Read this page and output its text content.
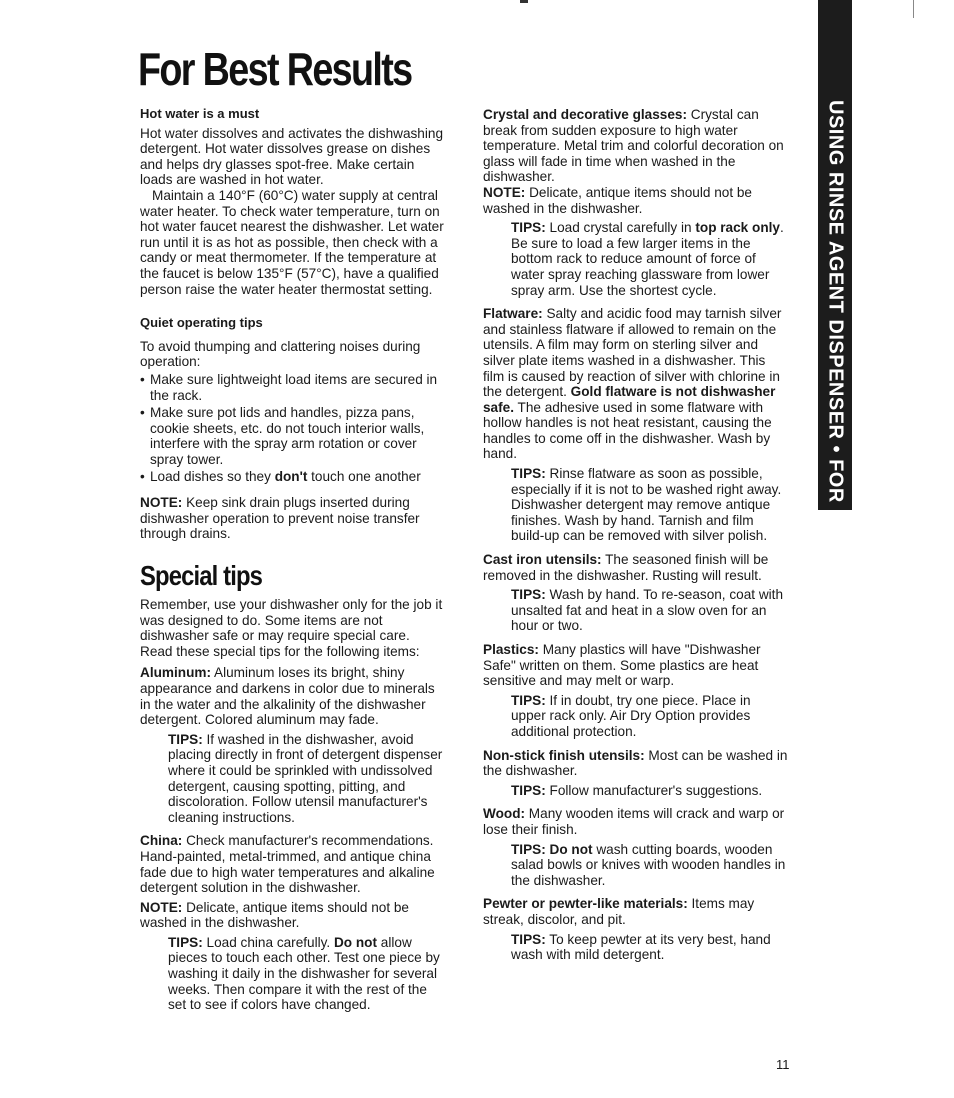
For Best Results

Hot water is a must

Hot water dissolves and activates the dishwashing detergent. Hot water dissolves grease on dishes and helps dry glasses spot-free. Make certain loads are washed in hot water.

Maintain a 140°F (60°C) water supply at central water heater. To check water temperature, turn on hot water faucet nearest the dishwasher. Let water run until it is as hot as possible, then check with a candy or meat thermometer. If the temperature at the faucet is below 135°F (57°C), have a qualified person raise the water heater thermostat setting.

Quiet operating tips

To avoid thumping and clattering noises during operation:

• Make sure lightweight load items are secured in the rack.

• Make sure pot lids and handles, pizza pans, cookie sheets, etc. do not touch interior walls, interfere with the spray arm rotation or cover spray tower.

• Load dishes so they don't touch one another

NOTE: Keep sink drain plugs inserted during dishwasher operation to prevent noise transfer through drains.

Special tips

Remember, use your dishwasher only for the job it was designed to do. Some items are not dishwasher safe or may require special care. Read these special tips for the following items:

Aluminum: Aluminum loses its bright, shiny appearance and darkens in color due to minerals in the water and the alkalinity of the dishwasher detergent. Colored aluminum may fade.

TIPS: If washed in the dishwasher, avoid placing directly in front of detergent dispenser where it could be sprinkled with undissolved detergent, causing spotting, pitting, and discoloration. Follow utensil manufacturer's cleaning instructions.

China: Check manufacturer's recommendations. Hand-painted, metal-trimmed, and antique china fade due to high water temperatures and alkaline detergent solution in the dishwasher.

NOTE: Delicate, antique items should not be washed in the dishwasher.

TIPS: Load china carefully. Do not allow pieces to touch each other. Test one piece by washing it daily in the dishwasher for several weeks. Then compare it with the rest of the set to see if colors have changed.

Crystal and decorative glasses: Crystal can break from sudden exposure to high water temperature. Metal trim and colorful decoration on glass will fade in time when washed in the dishwasher.

NOTE: Delicate, antique items should not be washed in the dishwasher.

TIPS: Load crystal carefully in top rack only. Be sure to load a few larger items in the bottom rack to reduce amount of force of water spray reaching glassware from lower spray arm. Use the shortest cycle.

Flatware: Salty and acidic food may tarnish silver and stainless flatware if allowed to remain on the utensils. A film may form on sterling silver and silver plate items washed in a dishwasher. This film is caused by reaction of silver with chlorine in the detergent. Gold flatware is not dishwasher safe. The adhesive used in some flatware with hollow handles is not heat resistant, causing the handles to come off in the dishwasher. Wash by hand.

TIPS: Rinse flatware as soon as possible, especially if it is not to be washed right away. Dishwasher detergent may remove antique finishes. Wash by hand. Tarnish and film build-up can be removed with silver polish.

Cast iron utensils: The seasoned finish will be removed in the dishwasher. Rusting will result.

TIPS: Wash by hand. To re-season, coat with unsalted fat and heat in a slow oven for an hour or two.

Plastics: Many plastics will have "Dishwasher Safe" written on them. Some plastics are heat sensitive and may melt or warp.

TIPS: If in doubt, try one piece. Place in upper rack only. Air Dry Option provides additional protection.

Non-stick finish utensils: Most can be washed in the dishwasher.

TIPS: Follow manufacturer's suggestions.

Wood: Many wooden items will crack and warp or lose their finish.

TIPS: Do not wash cutting boards, wooden salad bowls or knives with wooden handles in the dishwasher.

Pewter or pewter-like materials: Items may streak, discolor, and pit.

TIPS: To keep pewter at its very best, hand wash with mild detergent.

USING RINSE AGENT DISPENSER • FOR BEST RESULTS
11
